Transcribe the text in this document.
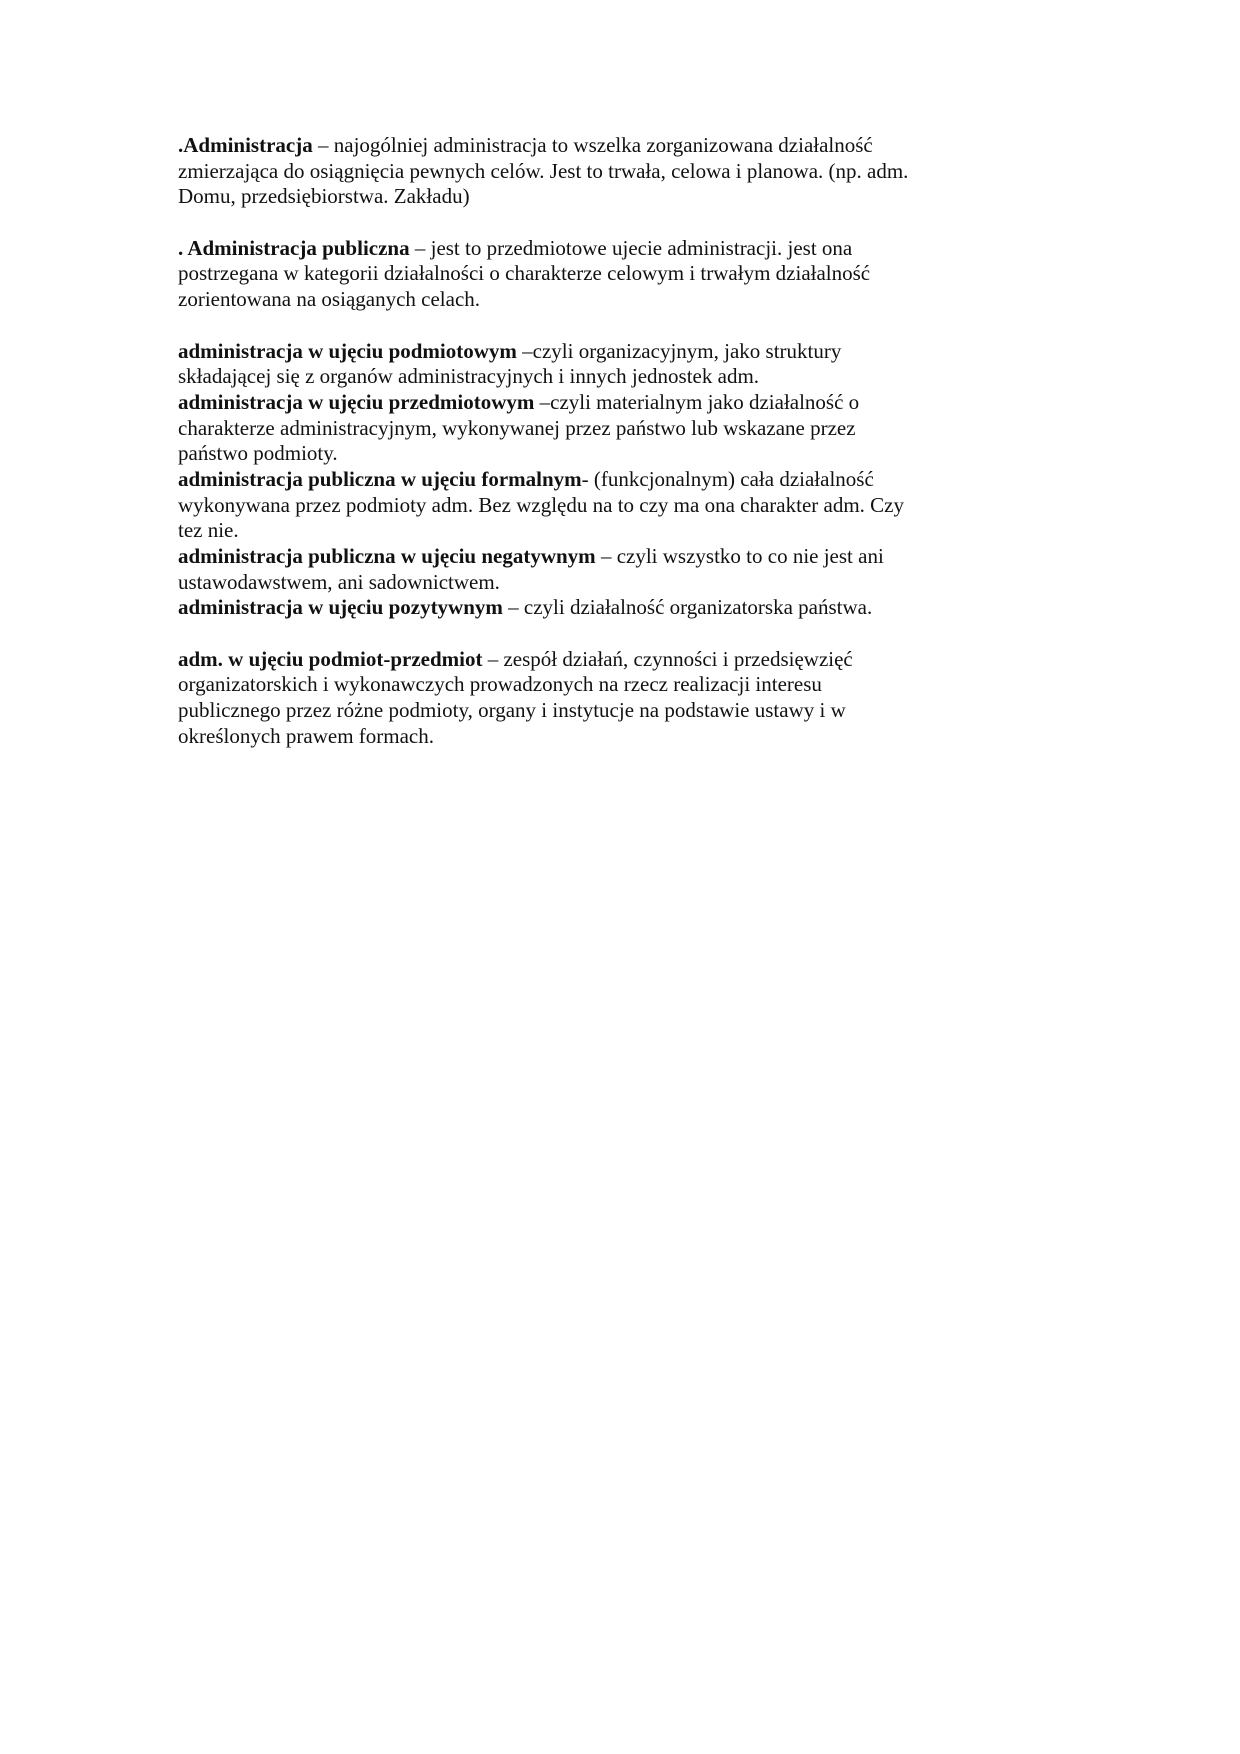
.Administracja – najogólniej administracja to wszelka zorganizowana działalność
zmierzająca do osiągnięcia pewnych celów. Jest to trwała, celowa i planowa. (np. adm.
Domu, przedsiębiorstwa. Zakładu)
. Administracja publiczna – jest to przedmiotowe ujecie administracji. jest ona
postrzegana w kategorii działalności o charakterze celowym i trwałym działalność
zorientowana na osiąganych celach.
administracja w ujęciu podmiotowym –czyli organizacyjnym, jako struktury
składającej się z organów administracyjnych i innych jednostek adm.
administracja w ujęciu przedmiotowym –czyli materialnym jako działalność o
charakterze administracyjnym, wykonywanej przez państwo lub wskazane przez
państwo podmioty.
administracja publiczna w ujęciu formalnym- (funkcjonalnym) cała działalność
wykonywana przez podmioty adm. Bez względu na to czy ma ona charakter adm. Czy
tez nie.
administracja publiczna w ujęciu negatywnym – czyli wszystko to co nie jest ani
ustawodawstwem, ani sadownictwem.
administracja w ujęciu pozytywnym – czyli działalność organizatorska państwa.
adm. w ujęciu podmiot-przedmiot – zespół działań, czynności i przedsięwzięć
organizatorskich i wykonawczych prowadzonych na rzecz realizacji interesu
publicznego przez różne podmioty, organy i instytucje na podstawie ustawy i w
określonych prawem formach.
